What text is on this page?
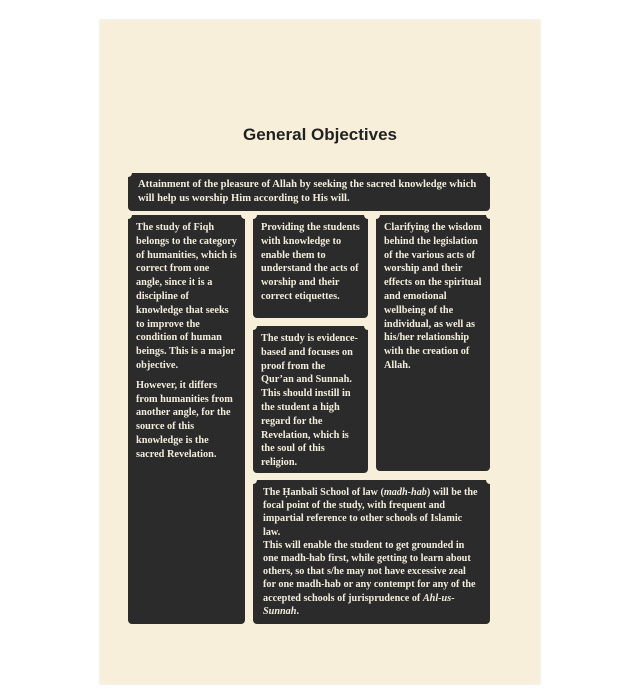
General Objectives
Attainment of the pleasure of Allah by seeking the sacred knowledge which will help us worship Him according to His will.

The study of Fiqh belongs to the category of humanities, which is correct from one angle, since it is a discipline of knowledge that seeks to improve the condition of human beings. This is a major objective.

However, it differs from humanities from another angle, for the source of this knowledge is the sacred Revelation.

Providing the students with knowledge to enable them to understand the acts of worship and their correct etiquettes.
The study is evidence-based and focuses on proof from the Qur’an and Sunnah. This should instill in the student a high regard for the Revelation, which is the soul of this religion.
Clarifying the wisdom behind the legislation of the various acts of worship and their effects on the spiritual and emotional wellbeing of the individual, as well as his/her relationship with the creation of Allah.
The Ḥanbali School of law (madh-hab) will be the focal point of the study, with frequent and impartial reference to other schools of Islamic law.
This will enable the student to get grounded in one madh-hab first, while getting to learn about others, so that s/he may not have excessive zeal for one madh-hab or any contempt for any of the accepted schools of jurisprudence of Ahl-us-Sunnah.
